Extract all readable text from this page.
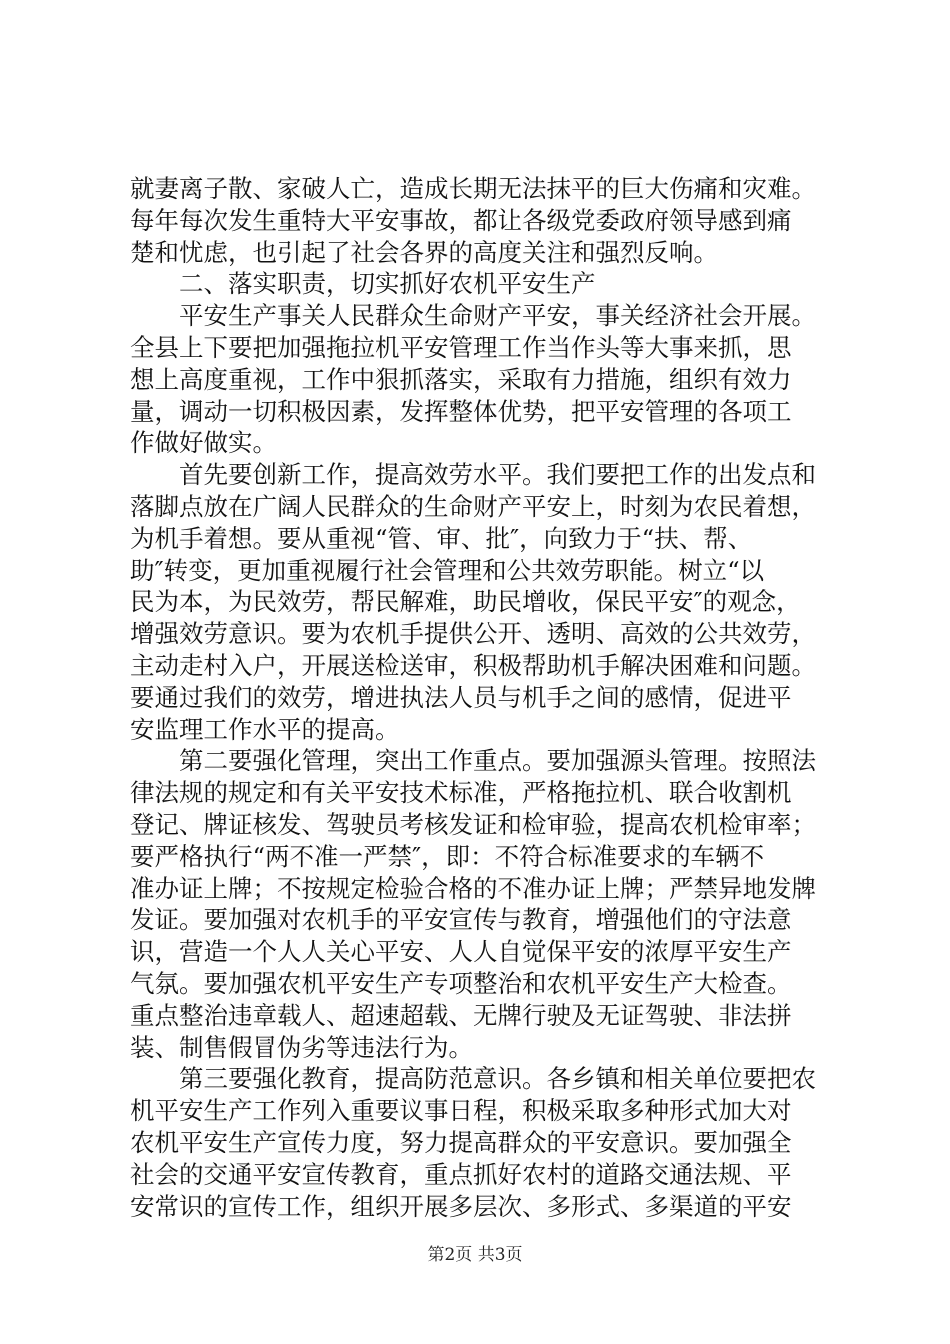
就妻离子散、家破人亡，造成长期无法抹平的巨大伤痛和灾难。
每年每次发生重特大平安事故，都让各级党委政府领导感到痛
楚和忧虑，也引起了社会各界的高度关注和强烈反响。
二、落实职责，切实抓好农机平安生产
平安生产事关人民群众生命财产平安，事关经济社会开展。
全县上下要把加强拖拉机平安管理工作当作头等大事来抓，思
想上高度重视，工作中狠抓落实，采取有力措施，组织有效力
量，调动一切积极因素，发挥整体优势，把平安管理的各项工
作做好做实。
首先要创新工作，提高效劳水平。我们要把工作的出发点和
落脚点放在广阔人民群众的生命财产平安上，时刻为农民着想，
为机手着想。要从重视“管、审、批″，向致力于“扶、帮、
助″转变，更加重视履行社会管理和公共效劳职能。树立“以
民为本，为民效劳，帮民解难，助民增收，保民平安″的观念，
增强效劳意识。要为农机手提供公开、透明、高效的公共效劳，
主动走村入户，开展送检送审，积极帮助机手解决困难和问题。
要通过我们的效劳，增进执法人员与机手之间的感情，促进平
安监理工作水平的提高。
第二要强化管理，突出工作重点。要加强源头管理。按照法
律法规的规定和有关平安技术标准，严格拖拉机、联合收割机
登记、牌证核发、驾驶员考核发证和检审验，提高农机检审率；
要严格执行“两不准一严禁″，即：不符合标准要求的车辆不
准办证上牌；不按规定检验合格的不准办证上牌；严禁异地发牌
发证。要加强对农机手的平安宣传与教育，增强他们的守法意
识，营造一个人人关心平安、人人自觉保平安的浓厚平安生产
气氛。要加强农机平安生产专项整治和农机平安生产大检查。
重点整治违章载人、超速超载、无牌行驶及无证驾驶、非法拼
装、制售假冒伪劣等违法行为。
第三要强化教育，提高防范意识。各乡镇和相关单位要把农
机平安生产工作列入重要议事日程，积极采取多种形式加大对
农机平安生产宣传力度，努力提高群众的平安意识。要加强全
社会的交通平安宣传教育，重点抓好农村的道路交通法规、平
安常识的宣传工作，组织开展多层次、多形式、多渠道的平安
第2页 共3页
